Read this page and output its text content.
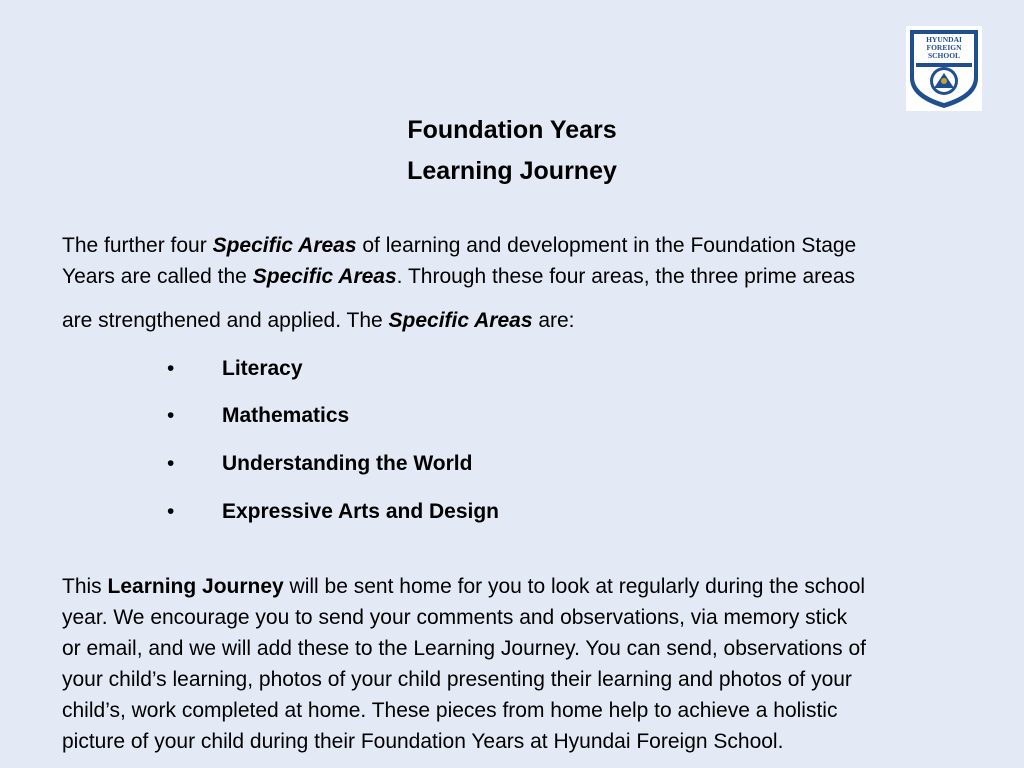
HYUNDAI
FOREIGN
SCHOOL
Foundation Years
Learning Journey
The further four Specific Areas of learning and development in the Foundation Stage
Years are called the Specific Areas. Through these four areas, the three prime areas
are strengthened and applied. The Specific Areas are:
• Literacy
• Mathematics
• Understanding the World
• Expressive Arts and Design
This Learning Journey will be sent home for you to look at regularly during the school
year. We encourage you to send your comments and observations, via memory stick
or email, and we will add these to the Learning Journey. You can send, observations of
your child’s learning, photos of your child presenting their learning and photos of your
child’s, work completed at home. These pieces from home help to achieve a holistic
picture of your child during their Foundation Years at Hyundai Foreign School.
